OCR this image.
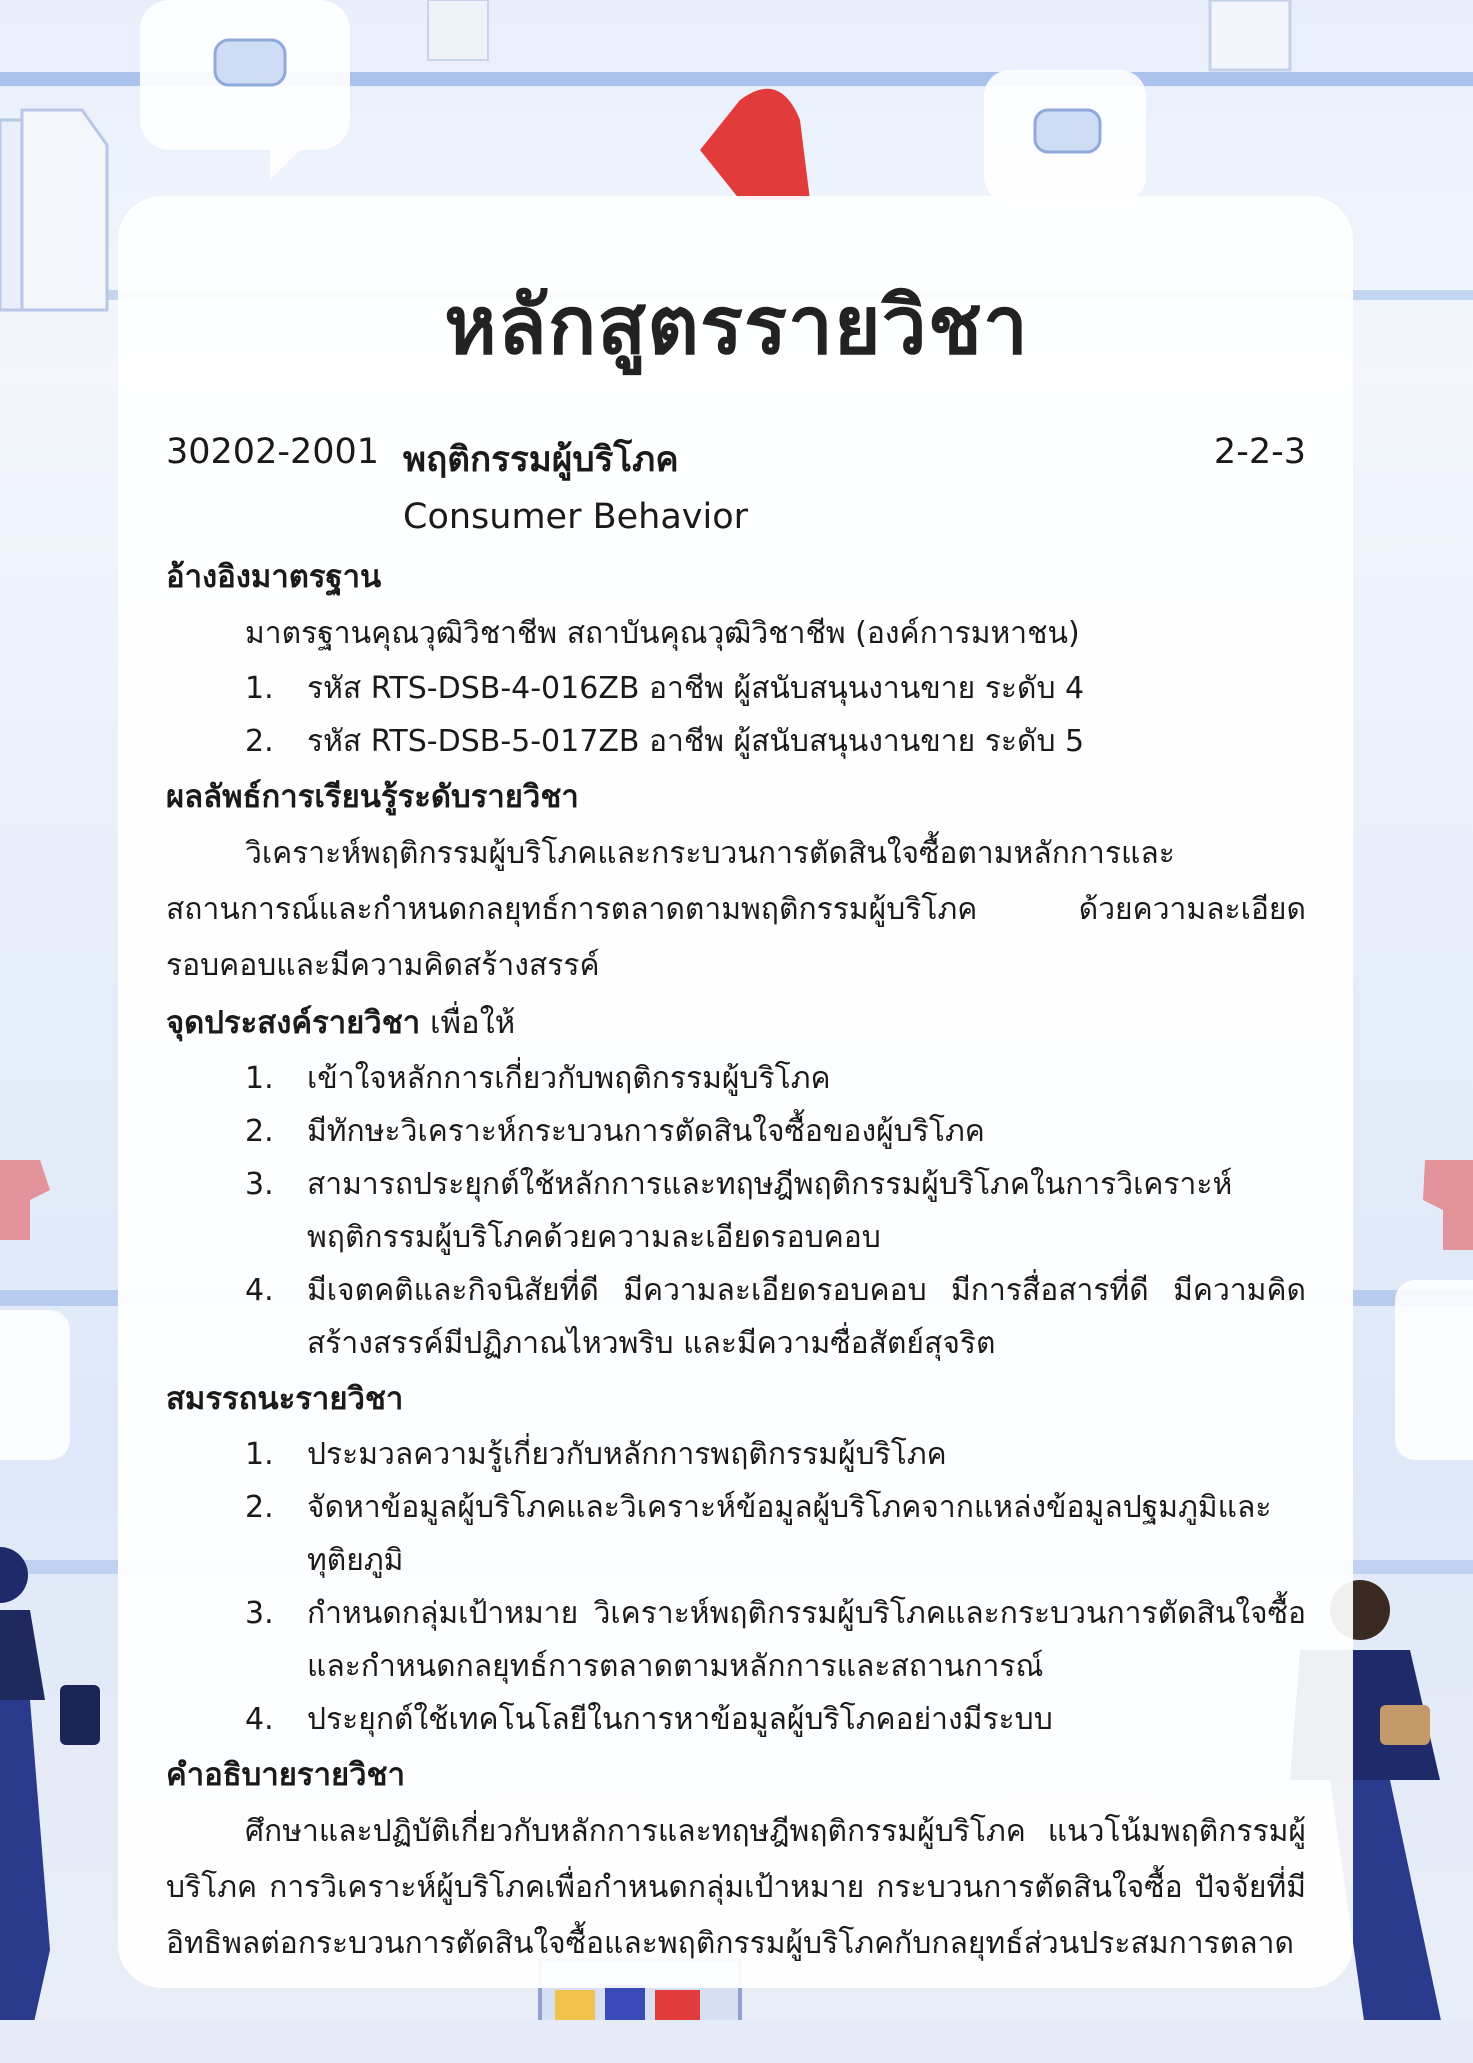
หลักสูตรรายวิชา
30202-2001 พฤติกรรมผู้บริโภค	2-2-3
Consumer Behavior
อ้างอิงมาตรฐาน
มาตรฐานคุณวุฒิวิชาชีพ สถาบันคุณวุฒิวิชาชีพ (องค์การมหาชน)
1. รหัส RTS-DSB-4-016ZB อาชีพ ผู้สนับสนุนงานขาย ระดับ 4
2. รหัส RTS-DSB-5-017ZB อาชีพ ผู้สนับสนุนงานขาย ระดับ 5
ผลลัพธ์การเรียนรู้ระดับรายวิชา
วิเคราะห์พฤติกรรมผู้บริโภคและกระบวนการตัดสินใจซื้อตามหลักการและสถานการณ์และกำหนดกลยุทธ์การตลาดตามพฤติกรรมผู้บริโภค ด้วยความละเอียดรอบคอบและมีความคิดสร้างสรรค์
จุดประสงค์รายวิชา เพื่อให้
1. เข้าใจหลักการเกี่ยวกับพฤติกรรมผู้บริโภค
2. มีทักษะวิเคราะห์กระบวนการตัดสินใจซื้อของผู้บริโภค
3. สามารถประยุกต์ใช้หลักการและทฤษฎีพฤติกรรมผู้บริโภคในการวิเคราะห์พฤติกรรมผู้บริโภคด้วยความละเอียดรอบคอบ
4. มีเจตคติและกิจนิสัยที่ดี มีความละเอียดรอบคอบ มีการสื่อสารที่ดี มีความคิดสร้างสรรค์มีปฏิภาณไหวพริบ และมีความซื่อสัตย์สุจริต
สมรรถนะรายวิชา
1. ประมวลความรู้เกี่ยวกับหลักการพฤติกรรมผู้บริโภค
2. จัดหาข้อมูลผู้บริโภคและวิเคราะห์ข้อมูลผู้บริโภคจากแหล่งข้อมูลปฐมภูมิและทุติยภูมิ
3. กำหนดกลุ่มเป้าหมาย วิเคราะห์พฤติกรรมผู้บริโภคและกระบวนการตัดสินใจซื้อ และกำหนดกลยุทธ์การตลาดตามหลักการและสถานการณ์
4. ประยุกต์ใช้เทคโนโลยีในการหาข้อมูลผู้บริโภคอย่างมีระบบ
คำอธิบายรายวิชา
ศึกษาและปฏิบัติเกี่ยวกับหลักการและทฤษฎีพฤติกรรมผู้บริโภค แนวโน้มพฤติกรรมผู้บริโภค การวิเคราะห์ผู้บริโภคเพื่อกำหนดกลุ่มเป้าหมาย กระบวนการตัดสินใจซื้อ ปัจจัยที่มีอิทธิพลต่อกระบวนการตัดสินใจซื้อและพฤติกรรมผู้บริโภคกับกลยุทธ์ส่วนประสมการตลาด
